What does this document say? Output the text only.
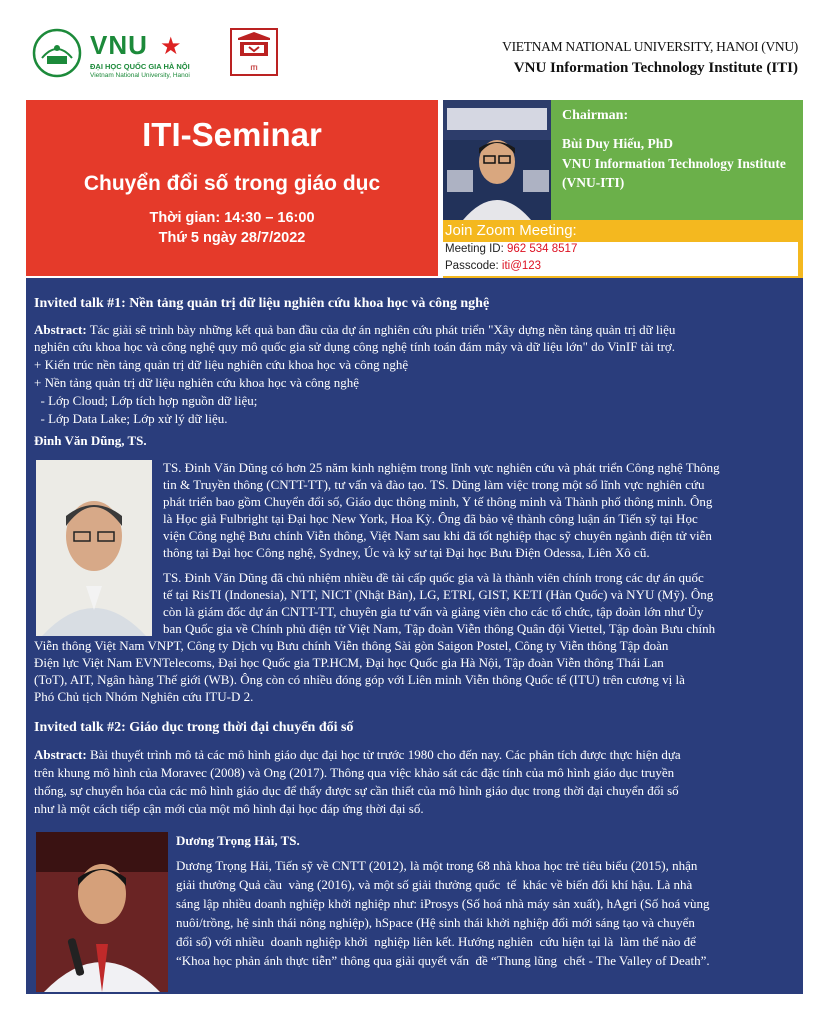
VNU ★
ĐẠI HỌC QUỐC GIA HÀ NỘI
Vietnam National University, Hanoi
ITI
VIETNAM NATIONAL UNIVERSITY, HANOI (VNU)
VNU Information Technology Institute (ITI)
ITI-Seminar
Chuyển đổi số trong giáo dục
Thời gian: 14:30 – 16:00
Thứ 5 ngày 28/7/2022
Chairman:
Bùi Duy Hiếu, PhD
VNU Information Technology Institute (VNU-ITI)
Join Zoom Meeting:
Meeting ID: 962 534 8517
Passcode: iti@123
Invited talk #1: Nền tảng quản trị dữ liệu nghiên cứu khoa học và công nghệ
Abstract: Tác giải sẽ trình bày những kết quả ban đầu của dự án nghiên cứu phát triển "Xây dựng nền tảng quản trị dữ liệu
nghiên cứu khoa học và công nghệ quy mô quốc gia sử dụng công nghệ tính toán đám mây và dữ liệu lớn" do VinIF tài trợ.
+ Kiến trúc nền tảng quản trị dữ liệu nghiên cứu khoa học và công nghệ
+ Nền tảng quản trị dữ liệu nghiên cứu khoa học và công nghệ
- Lớp Cloud; Lớp tích hợp nguồn dữ liệu;
- Lớp Data Lake; Lớp xử lý dữ liệu.
Đinh Văn Dũng, TS.
TS. Đinh Văn Dũng có hơn 25 năm kinh nghiệm trong lĩnh vực nghiên cứu và phát triển Công nghệ Thông
tin & Truyền thông (CNTT-TT), tư vấn và đào tạo. TS. Dũng làm việc trong một số lĩnh vực nghiên cứu
phát triển bao gồm Chuyển đổi số, Giáo dục thông minh, Y tế thông minh và Thành phố thông minh. Ông
là Học giả Fulbright tại Đại học New York, Hoa Kỳ. Ông đã bảo vệ thành công luận án Tiến sỹ tại Học
viện Công nghệ Bưu chính Viễn thông, Việt Nam sau khi đã tốt nghiệp thạc sỹ chuyên ngành điện tử viễn
thông tại Đại học Công nghệ, Sydney, Úc và kỹ sư tại Đại học Bưu Điện Odessa, Liên Xô cũ.
TS. Đinh Văn Dũng đã chủ nhiệm nhiều đề tài cấp quốc gia và là thành viên chính trong các dự án quốc
tế tại RisTI (Indonesia), NTT, NICT (Nhật Bản), LG, ETRI, GIST, KETI (Hàn Quốc) và NYU (Mỹ). Ông
còn là giám đốc dự án CNTT-TT, chuyên gia tư vấn và giảng viên cho các tổ chức, tập đoàn lớn như Ủy
ban Quốc gia về Chính phủ điện tử Việt Nam, Tập đoàn Viễn thông Quân đội Viettel, Tập đoàn Bưu chính
Viễn thông Việt Nam VNPT, Công ty Dịch vụ Bưu chính Viễn thông Sài gòn Saigon Postel, Công ty Viễn thông Tập đoàn
Điện lực Việt Nam EVNTelecoms, Đại học Quốc gia TP.HCM, Đại học Quốc gia Hà Nội, Tập đoàn Viễn thông Thái Lan
(ToT), AIT, Ngân hàng Thế giới (WB). Ông còn có nhiều đóng góp với Liên minh Viễn thông Quốc tế (ITU) trên cương vị là
Phó Chủ tịch Nhóm Nghiên cứu ITU-D 2.
Invited talk #2: Giáo dục trong thời đại chuyển đổi số
Abstract: Bài thuyết trình mô tả các mô hình giáo dục đại học từ trước 1980 cho đến nay. Các phân tích được thực hiện dựa
trên khung mô hình của Moravec (2008) và Ong (2017). Thông qua việc khảo sát các đặc tính của mô hình giáo dục truyền
thống, sự chuyển hóa của các mô hình giáo dục để thấy được sự cần thiết của mô hình giáo dục trong thời đại chuyển đổi số
như là một cách tiếp cận mới của một mô hình đại học đáp ứng thời đại số.
Dương Trọng Hải, TS.
Dương Trọng Hải, Tiến sỹ về CNTT (2012), là một trong 68 nhà khoa học trẻ tiêu biểu (2015), nhận
giải thưởng Quả cầu  vàng (2016), và một số giải thưởng quốc  tế  khác về biến đổi khí hậu. Là nhà
sáng lập nhiều doanh nghiệp khởi nghiệp như: iProsys (Số hoá nhà máy sản xuất), hAgri (Số hoá vùng
nuôi/trồng, hệ sinh thái nông nghiệp), hSpace (Hệ sinh thái khởi nghiệp đổi mới sáng tạo và chuyển
đổi số) với nhiều  doanh nghiệp khởi  nghiệp liên kết. Hướng nghiên  cứu hiện tại là  làm thế nào để
“Khoa học phản ánh thực tiễn” thông qua giải quyết vấn  đề “Thung lũng  chết - The Valley of Death”.
